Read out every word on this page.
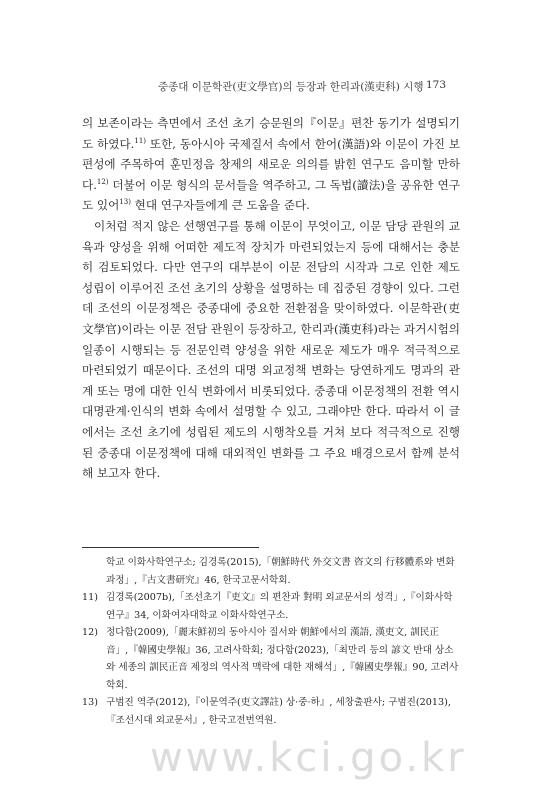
중종대 이문학관(吏文學官)의 등장과 한리과(漢吏科) 시행 173

의 보존이라는 측면에서 조선 초기 승문원의『이문』편찬 동기가 설명되기도 하였다.$^{11)}$ 또한, 동아시아 국제질서 속에서 한어(漢語)와 이문이 가진 보편성에 주목하여 훈민정음 창제의 새로운 의의를 밝힌 연구도 음미할 만하다.$^{12)}$ 더불어 이문 형식의 문서들을 역주하고, 그 독법(讀法)을 공유한 연구도 있어$^{13)}$ 현대 연구자들에게 큰 도움을 준다.

이처럼 적지 않은 선행연구를 통해 이문이 무엇이고, 이문 담당 관원의 교육과 양성을 위해 어떠한 제도적 장치가 마련되었는지 등에 대해서는 충분히 검토되었다. 다만 연구의 대부분이 이문 전담의 시작과 그로 인한 제도 성립이 이루어진 조선 초기의 상황을 설명하는 데 집중된 경향이 있다. 그런데 조선의 이문정책은 중종대에 중요한 전환점을 맞이하였다. 이문학관(吏文學官)이라는 이문 전담 관원이 등장하고, 한리과(漢吏科)라는 과거시험의 일종이 시행되는 등 전문인력 양성을 위한 새로운 제도가 매우 적극적으로 마련되었기 때문이다. 조선의 대명 외교정책 변화는 당연하게도 명과의 관계 또는 명에 대한 인식 변화에서 비롯되었다. 중종대 이문정책의 전환 역시 대명관계·인식의 변화 속에서 설명할 수 있고, 그래야만 한다. 따라서 이 글에서는 조선 초기에 성립된 제도의 시행착오를 거쳐 보다 적극적으로 진행된 중종대 이문정책에 대해 대외적인 변화를 그 주요 배경으로서 함께 분석해 보고자 한다.

학교 이화사학연구소; 김경록(2015),「朝鮮時代 外交文書 咨文의 行移體系와 변화과정」,『古文書研究』46, 한국고문서학회.
11) 김경록(2007b),「조선초기『吏文』의 편찬과 對明 외교문서의 성격」,『이화사학연구』34, 이화여자대학교 이화사학연구소.
12) 정다함(2009),「麗末鮮初의 동아시아 질서와 朝鮮에서의 漢語, 漢吏文, 訓民正音」,『韓國史學報』36, 고려사학회; 정다함(2023),「최만리 등의 諺文 반대 상소와 세종의 訓民正音 제정의 역사적 맥락에 대한 재해석」,『韓國史學報』90, 고려사학회.
13) 구범진 역주(2012),『이문역주(吏文譯註) 상·중·하』, 세창출판사; 구범진(2013),『조선시대 외교문서』, 한국고전번역원.
www.kci.go.kr
